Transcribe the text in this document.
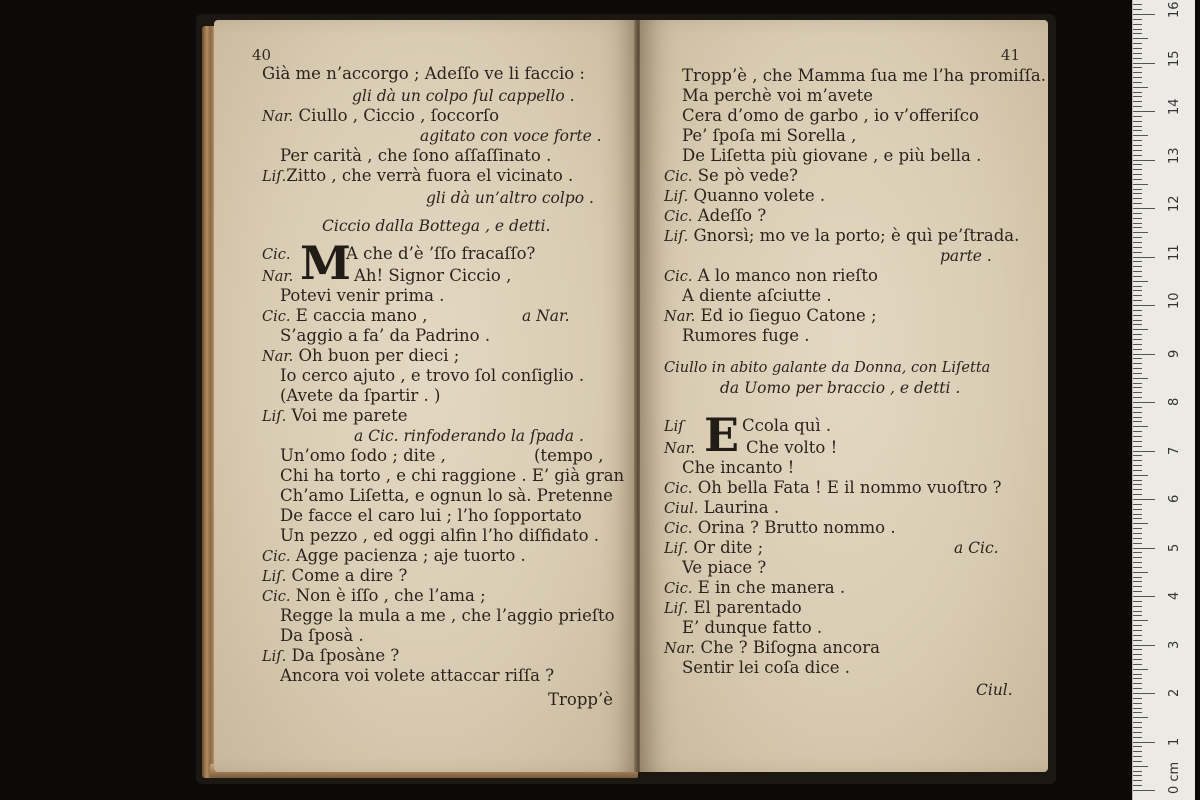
40
Già me n’accorgo ; Adeſſo ve li faccio :
gli dà un colpo ſul cappello .
Nar. Ciullo , Ciccio , ſoccorſo
agitato con voce forte .
Per carità , che ſono aſſaſſinato .
Liſ.Zitto , che verrà fuora el vicinato .
gli dà un’altro colpo .
Ciccio dalla Bottega , e detti.
M
Cic.	A che d’è ’ſſo fracaſſo?
Nar.	Ah! Signor Ciccio ,
Potevi venir prima .
Cic. E caccia mano ,	a Nar.
S’aggio a fa’ da Padrino .
Nar. Oh buon per dieci ;
Io cerco ajuto , e trovo ſol conſiglio .
(Avete da ſpartir . )
Liſ. Voi me parete
a Cic. rinfoderando la ſpada .
Un’omo ſodo ; dite ,	(tempo ,
Chi ha torto , e chi raggione . E’ già gran
Ch’amo Liſetta, e ognun lo sà. Pretenne
De facce el caro lui ; l’ho ſopportato
Un pezzo , ed oggi alfin l’ho diſfidato .
Cic. Agge pacienza ; aje tuorto .
Liſ. Come a dire ?
Cic. Non è iſſo , che l’ama ;
Regge la mula a me , che l’aggio prieſto
Da ſposà .
Liſ. Da ſposàne ?
Ancora voi volete attaccar riſſa ?
Tropp’è
41
Tropp’è , che Mamma ſua me l’ha promiſſa.
Ma perchè voi m’avete
Cera d’omo de garbo , io v’offeriſco
Pe’ ſpoſa mi Sorella ,
De Liſetta più giovane , e più bella .
Cic. Se pò vede?
Liſ. Quanno volete .
Cic. Adeſſo ?
Liſ. Gnorsì; mo ve la porto; è quì pe’ſtrada.
parte .
Cic. A lo manco non rieſto
A diente aſciutte .
Nar. Ed io ſieguo Catone ;
Rumores fuge .
Ciullo in abito galante da Donna, con Liſetta
da Uomo per braccio , e detti .
E
Liſ	Ccola quì .
Nar.	Che volto !
Che incanto !
Cic. Oh bella Fata ! E il nommo vuoſtro ?
Ciul. Laurina .
Cic. Orina ? Brutto nommo .
Liſ. Or dite ;	a Cic.
Ve piace ?
Cic. E in che manera .
Liſ. El parentado
E’ dunque fatto .
Nar. Che ? Biſogna ancora
Sentir lei coſa dice .
Ciul.
0 cm
1
2
3
4
5
6
7
8
9
10
11
12
13
14
15
16
